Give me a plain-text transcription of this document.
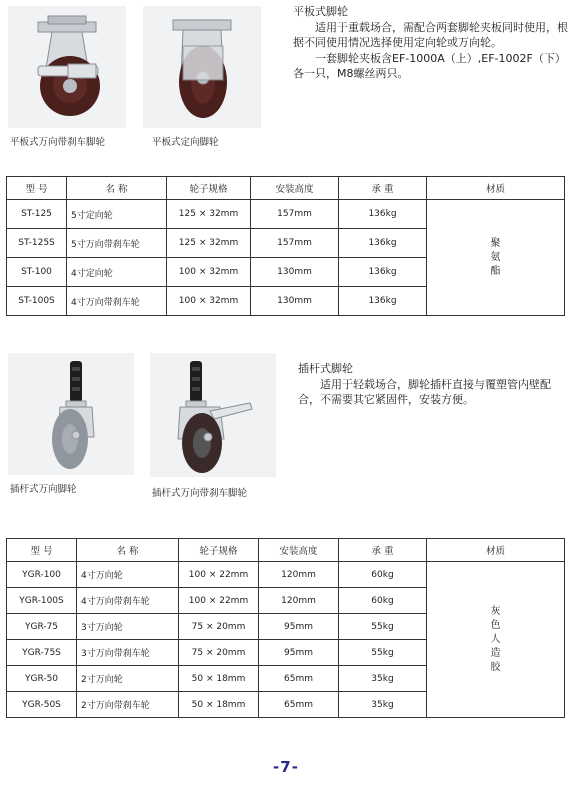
平板式万向带刹车脚轮	平板式定向脚轮

平板式脚轮

适用于重载场合，需配合两套脚轮夹板同时使用，根据不同使用情况选择使用定向轮或万向轮。

一套脚轮夹板含EF-1000A（上）,EF-1002F（下）各一只，M8螺丝两只。

型 号	名 称	轮子规格	安装高度	承 重	材质
ST-125	5寸定向轮	125 × 32mm	157mm	136kg	聚氨酯
ST-125S	5寸万向带刹车轮	125 × 32mm	157mm	136kg	
ST-100	4寸定向轮	100 × 32mm	130mm	136kg	
ST-100S	4寸万向带刹车轮	100 × 32mm	130mm	136kg	
插杆式万向脚轮	插杆式万向带刹车脚轮

插杆式脚轮

适用于轻载场合，脚轮插杆直接与覆塑管内壁配合，不需要其它紧固件，安装方便。

型 号	名 称	轮子规格	安装高度	承 重	材质
YGR-100	4寸万向轮	100 × 22mm	120mm	60kg	灰色人造胶
YGR-100S	4寸万向带刹车轮	100 × 22mm	120mm	60kg	
YGR-75	3寸万向轮	75 × 20mm	95mm	55kg	
YGR-75S	3寸万向带刹车轮	75 × 20mm	95mm	55kg	
YGR-50	2寸万向轮	50 × 18mm	65mm	35kg	
YGR-50S	2寸万向带刹车轮	50 × 18mm	65mm	35kg	
-7-
